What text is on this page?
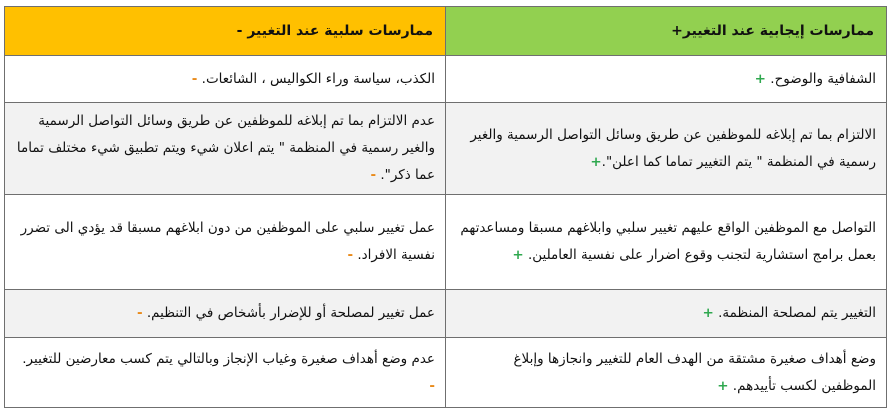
ممارسات إيجابية عند التغيير+	ممارسات سلبية عند التغيير -
الشفافية والوضوح. +	الكذب، سياسة وراء الكواليس ، الشائعات. -
الالتزام بما تم إبلاغه للموظفين عن طريق وسائل التواصل الرسمية والغير رسمية في المنظمة " يتم التغيير تماما كما اعلن".+	عدم الالتزام بما تم إبلاغه للموظفين عن طريق وسائل التواصل الرسمية والغير رسمية في المنظمة " يتم اعلان شيء ويتم تطبيق شيء مختلف تماما عما ذكر". -
التواصل مع الموظفين الواقع عليهم تغيير سلبي وابلاغهم مسبقا ومساعدتهم بعمل برامج استشارية لتجنب وقوع اضرار على نفسية العاملين. +	عمل تغيير سلبي على الموظفين من دون ابلاغهم مسبقا قد يؤدي الى تضرر نفسية الافراد. -
التغيير يتم لمصلحة المنظمة. +	عمل تغيير لمصلحة أو للإضرار بأشخاص في التنظيم. -
وضع أهداف صغيرة مشتقة من الهدف العام للتغيير وانجازها وإبلاغ الموظفين لكسب تأييدهم. +	عدم وضع أهداف صغيرة وغياب الإنجاز وبالتالي يتم كسب معارضين للتغيير. -
